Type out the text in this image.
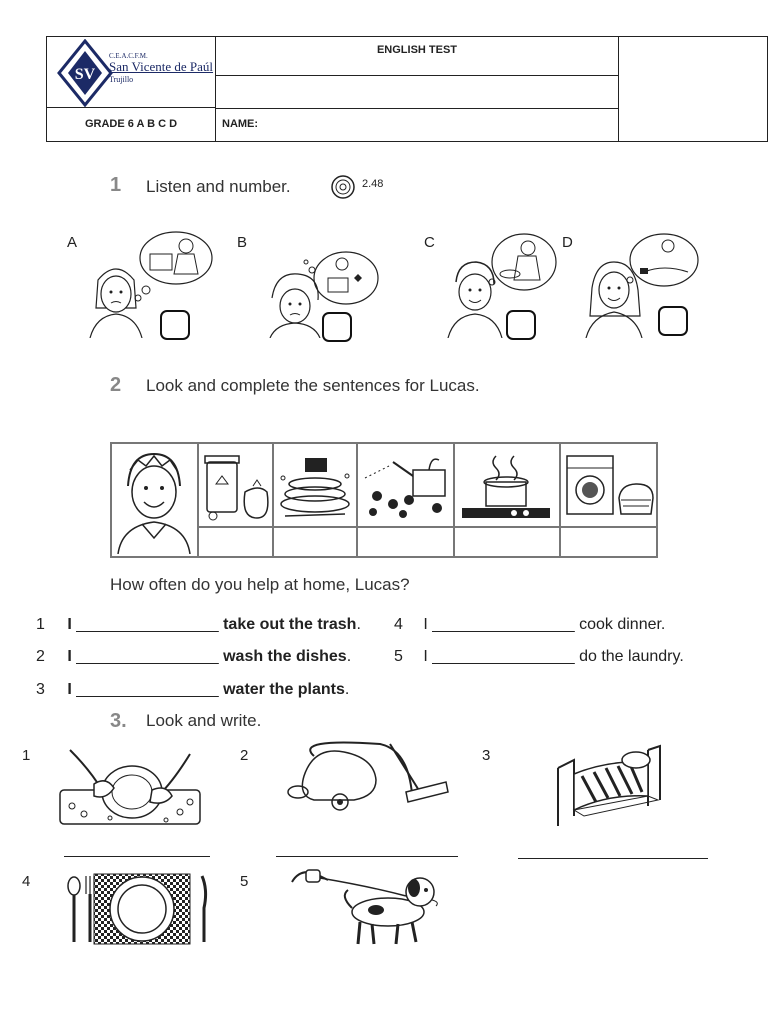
SV
C.E.A.C.F.M.
San Vicente de Paúl
Trujillo
ENGLISH TEST
GRADE 6 A B C D	NAME:
1 Listen and number.	2.48
A	B	C	D
2 Look and complete the sentences for Lucas.
How often do you help at home, Lucas?
1 I ________________ take out the trash.
2 I ________________ wash the dishes.
3 I ________________ water the plants.
4 I ________________ cook dinner.
5 I ________________ do the laundry.
3. Look and write.
1	2	3
4	5
